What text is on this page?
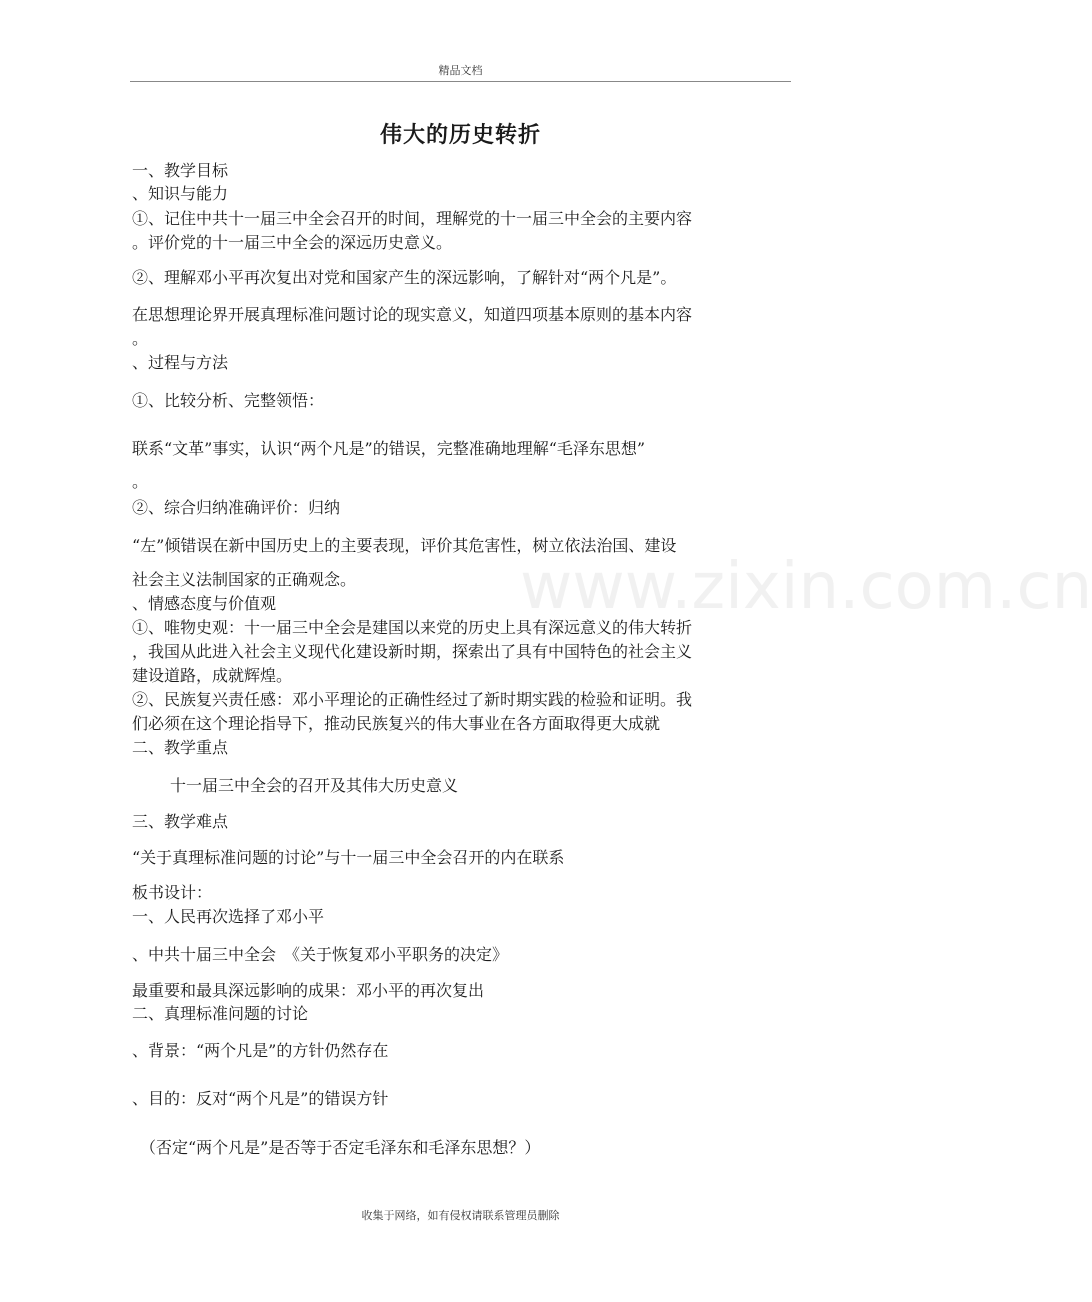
精品文档
www.zixin.com.cn
伟大的历史转折
一、教学目标
、知识与能力
①、记住中共十一届三中全会召开的时间，理解党的十一届三中全会的主要内容
。评价党的十一届三中全会的深远历史意义。
②、理解邓小平再次复出对党和国家产生的深远影响，了解针对“两个凡是”。
在思想理论界开展真理标准问题讨论的现实意义，知道四项基本原则的基本内容
。
、过程与方法
①、比较分析、完整领悟：
联系“文革”事实，认识“两个凡是”的错误，完整准确地理解“毛泽东思想”
。
②、综合归纳准确评价：归纳
“左”倾错误在新中国历史上的主要表现，评价其危害性，树立依法治国、建设
社会主义法制国家的正确观念。
、情感态度与价值观
①、唯物史观：十一届三中全会是建国以来党的历史上具有深远意义的伟大转折
，我国从此进入社会主义现代化建设新时期，探索出了具有中国特色的社会主义
建设道路，成就辉煌。
②、民族复兴责任感：邓小平理论的正确性经过了新时期实践的检验和证明。我
们必须在这个理论指导下，推动民族复兴的伟大事业在各方面取得更大成就
二、教学重点
十一届三中全会的召开及其伟大历史意义
三、教学难点
“关于真理标准问题的讨论”与十一届三中全会召开的内在联系
板书设计：
一、人民再次选择了邓小平
、中共十届三中全会　《关于恢复邓小平职务的决定》
最重要和最具深远影响的成果：邓小平的再次复出
二、真理标准问题的讨论
、背景：“两个凡是”的方针仍然存在
、目的：反对“两个凡是”的错误方针
（否定“两个凡是”是否等于否定毛泽东和毛泽东思想？）
收集于网络，如有侵权请联系管理员删除
